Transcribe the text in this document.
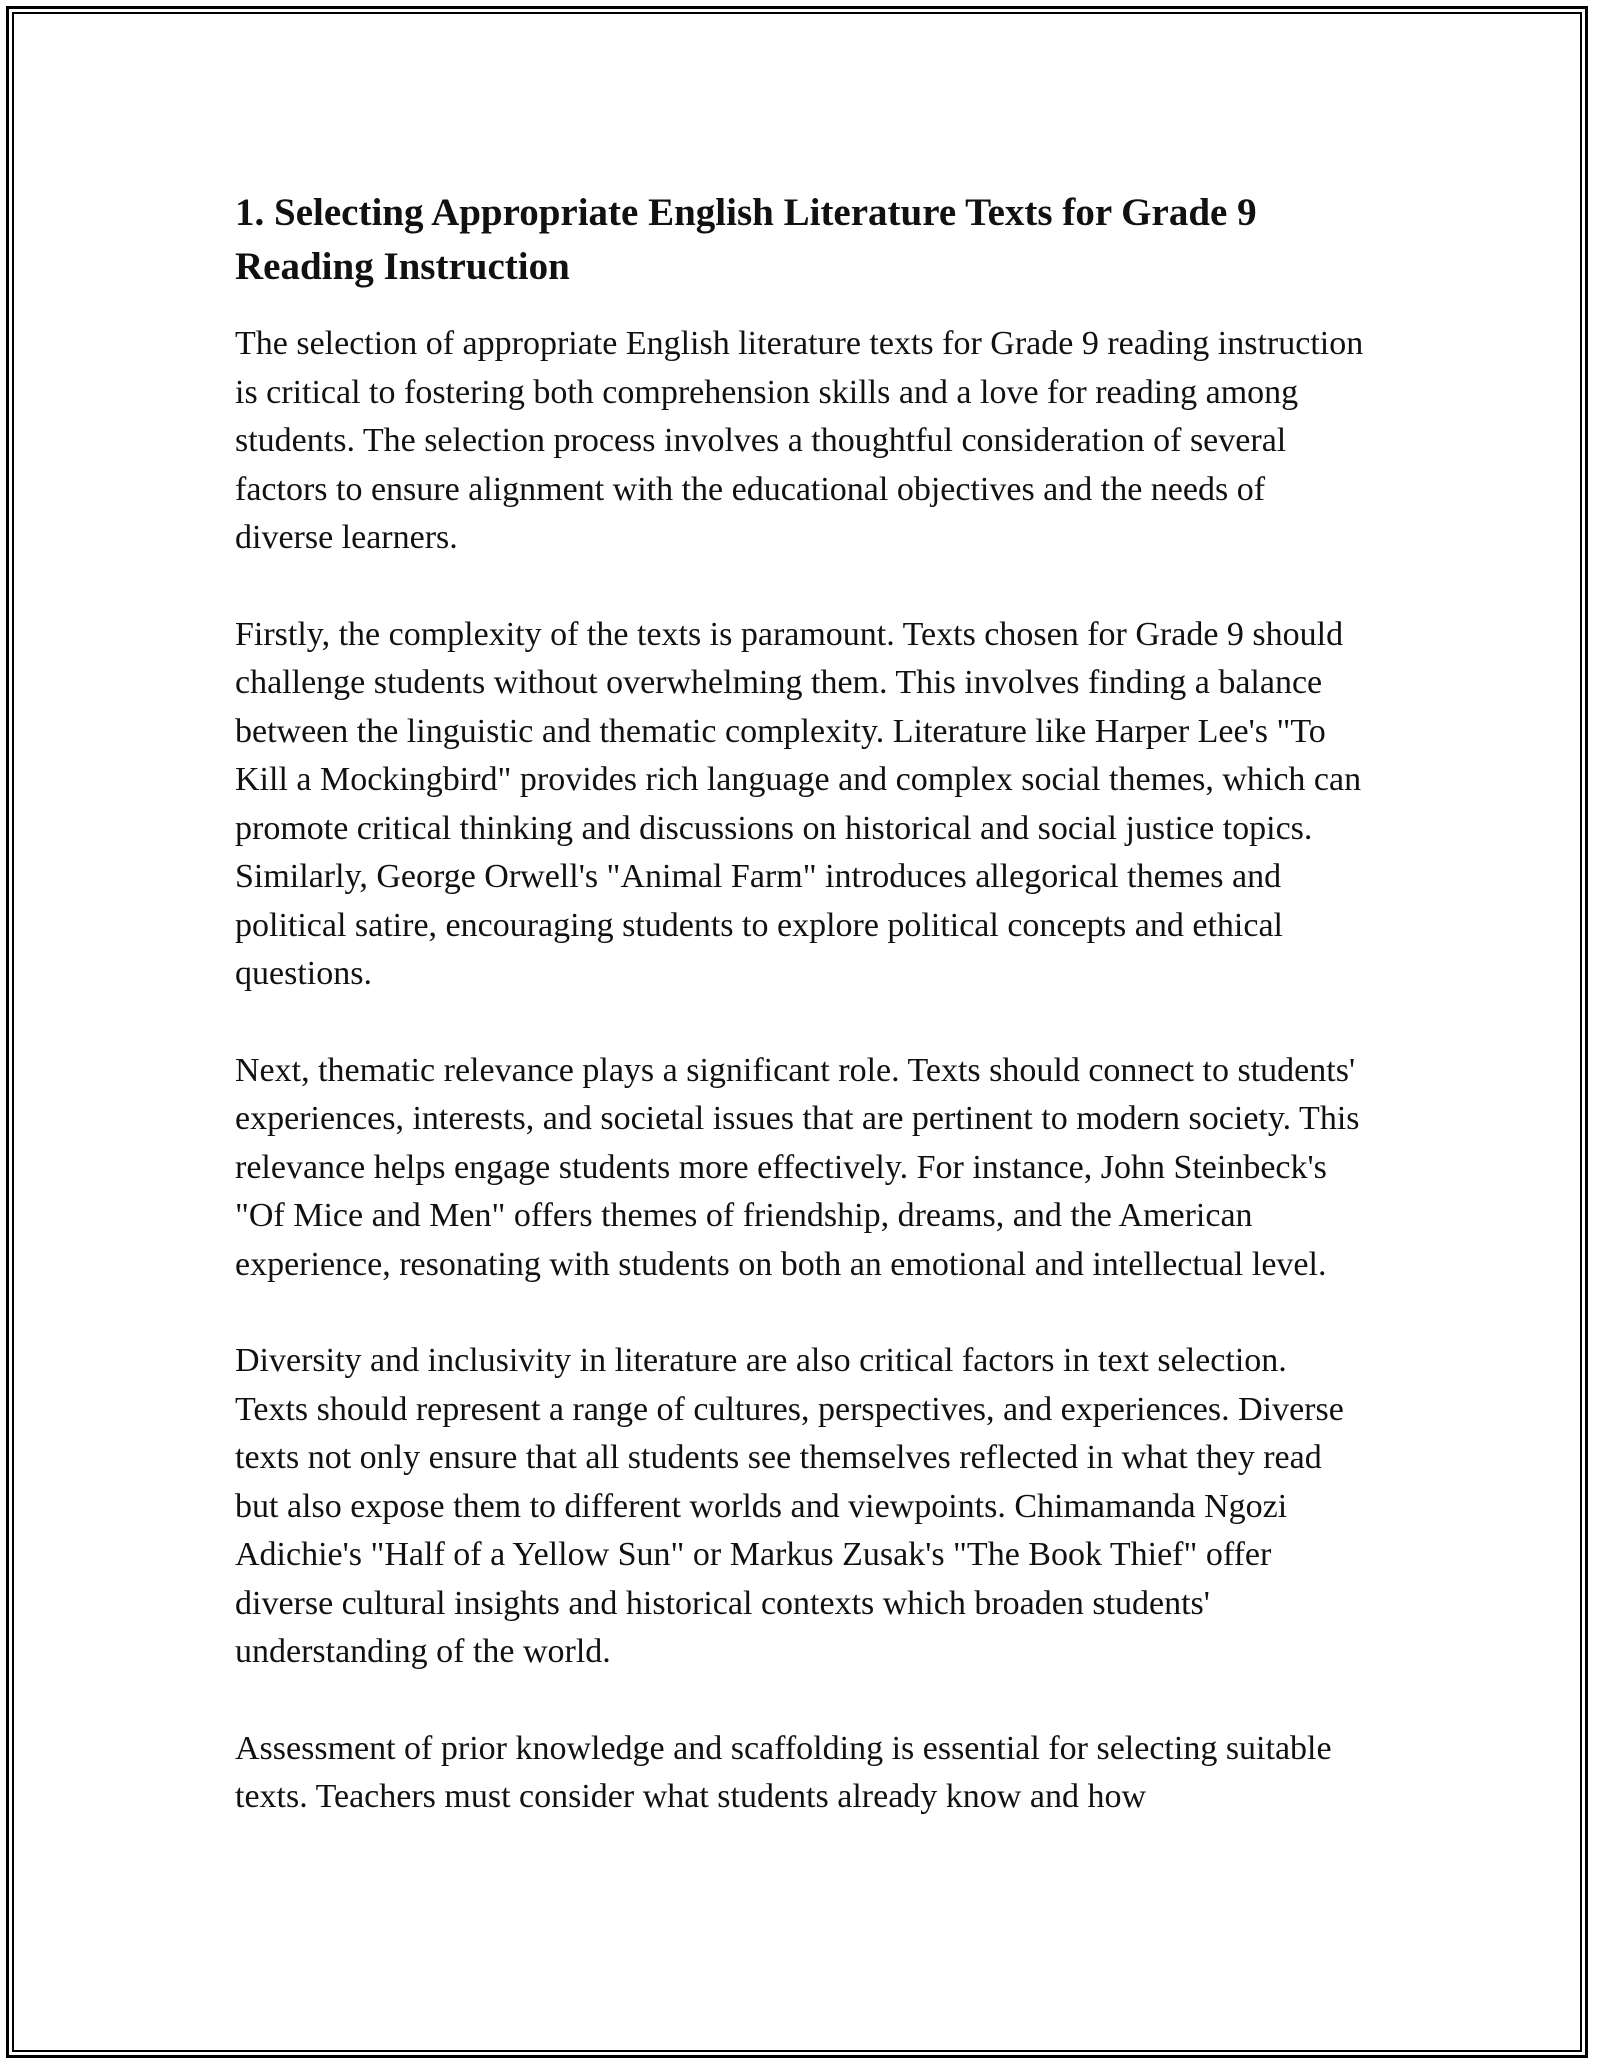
1. Selecting Appropriate English Literature Texts for Grade 9 Reading Instruction

The selection of appropriate English literature texts for Grade 9 reading instruction is critical to fostering both comprehension skills and a love for reading among students. The selection process involves a thoughtful consideration of several factors to ensure alignment with the educational objectives and the needs of diverse learners.

Firstly, the complexity of the texts is paramount. Texts chosen for Grade 9 should challenge students without overwhelming them. This involves finding a balance between the linguistic and thematic complexity. Literature like Harper Lee's "To Kill a Mockingbird" provides rich language and complex social themes, which can promote critical thinking and discussions on historical and social justice topics. Similarly, George Orwell's "Animal Farm" introduces allegorical themes and political satire, encouraging students to explore political concepts and ethical questions.

Next, thematic relevance plays a significant role. Texts should connect to students' experiences, interests, and societal issues that are pertinent to modern society. This relevance helps engage students more effectively. For instance, John Steinbeck's "Of Mice and Men" offers themes of friendship, dreams, and the American experience, resonating with students on both an emotional and intellectual level.

Diversity and inclusivity in literature are also critical factors in text selection. Texts should represent a range of cultures, perspectives, and experiences. Diverse texts not only ensure that all students see themselves reflected in what they read but also expose them to different worlds and viewpoints. Chimamanda Ngozi Adichie's "Half of a Yellow Sun" or Markus Zusak's "The Book Thief" offer diverse cultural insights and historical contexts which broaden students' understanding of the world.

Assessment of prior knowledge and scaffolding is essential for selecting suitable texts. Teachers must consider what students already know and how
